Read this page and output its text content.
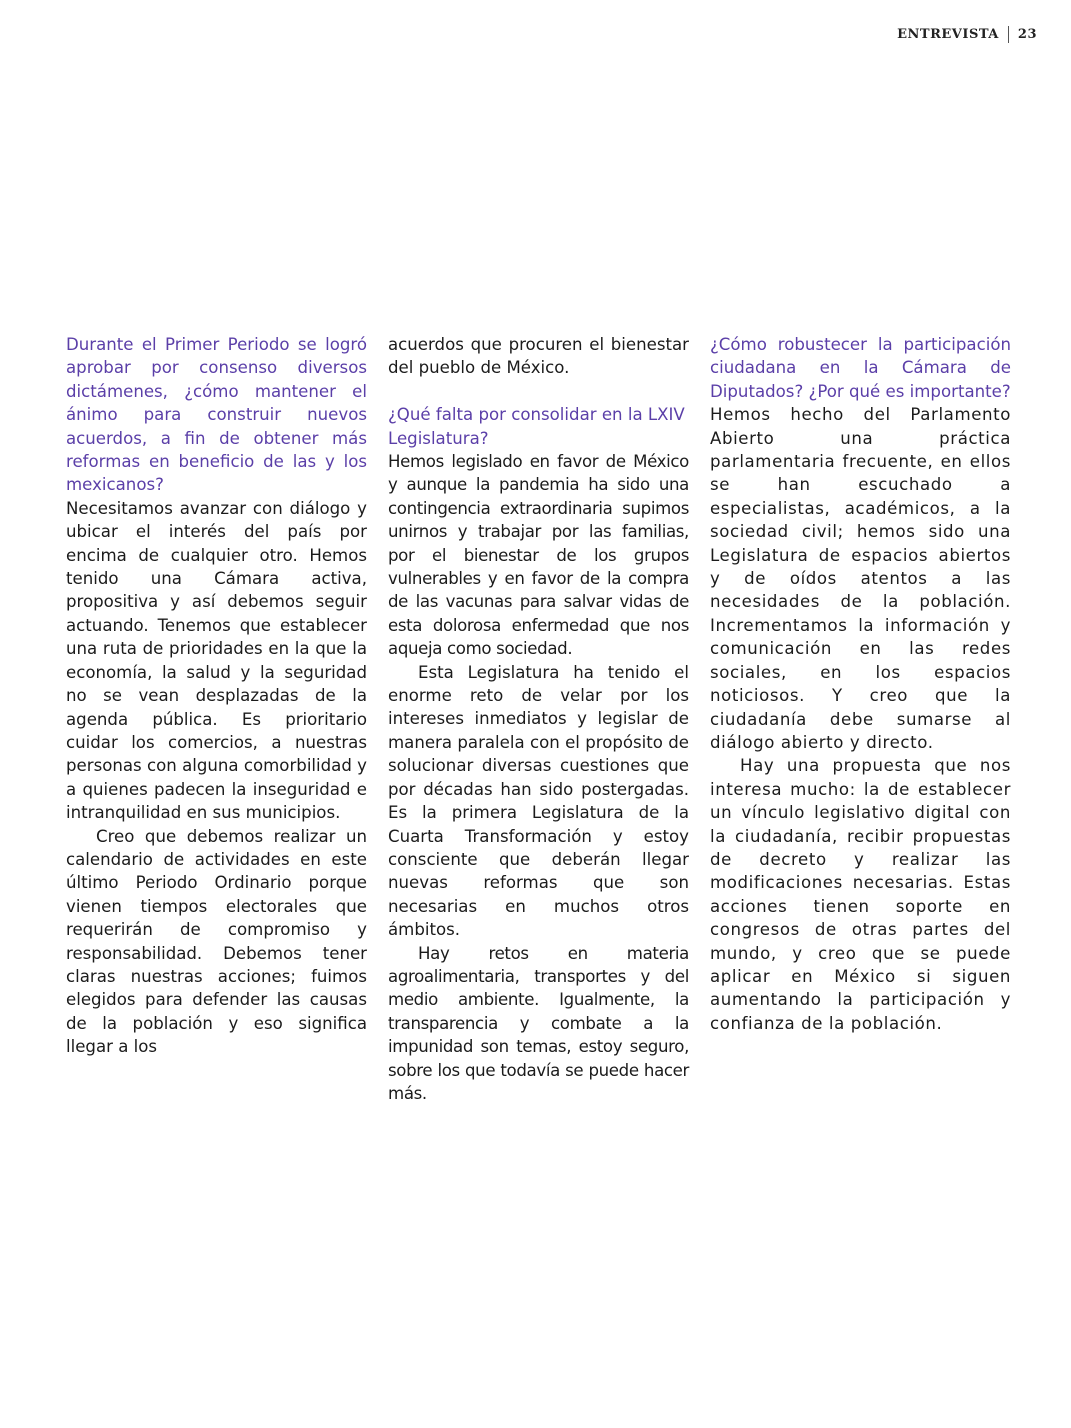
ENTREVISTA 23

Durante el Primer Periodo se logró aprobar por consenso diversos dictámenes, ¿cómo mantener el ánimo para construir nuevos acuerdos, a fin de obtener más reformas en beneficio de las y los mexicanos?

Necesitamos avanzar con diálogo y ubicar el interés del país por encima de cualquier otro. Hemos tenido una Cámara activa, propositiva y así debemos seguir actuando. Tenemos que establecer una ruta de prioridades en la que la economía, la salud y la seguridad no se vean desplazadas de la agenda pública. Es prioritario cuidar los comercios, a nuestras personas con alguna comorbilidad y a quienes padecen la inseguridad e intranquilidad en sus municipios.

Creo que debemos realizar un calendario de actividades en este último Periodo Ordinario porque vienen tiempos electorales que requerirán de compromiso y responsabilidad. Debemos tener claras nuestras acciones; fuimos elegidos para defender las causas de la población y eso significa llegar a los

acuerdos que procuren el bienestar del pueblo de México.

¿Qué falta por consolidar en la LXIV Legislatura?

Hemos legislado en favor de México y aunque la pandemia ha sido una contingencia extraordinaria supimos unirnos y trabajar por las familias, por el bienestar de los grupos vulnerables y en favor de la compra de las vacunas para salvar vidas de esta dolorosa enfermedad que nos aqueja como sociedad.

Esta Legislatura ha tenido el enorme reto de velar por los intereses inmediatos y legislar de manera paralela con el propósito de solucionar diversas cuestiones que por décadas han sido postergadas. Es la primera Legislatura de la Cuarta Transformación y estoy consciente que deberán llegar nuevas reformas que son necesarias en muchos otros ámbitos.

Hay retos en materia agroalimentaria, transportes y del medio ambiente. Igualmente, la transparencia y combate a la impunidad son temas, estoy seguro, sobre los que todavía se puede hacer más.

¿Cómo robustecer la participación ciudadana en la Cámara de Diputados? ¿Por qué es importante?

Hemos hecho del Parlamento Abierto una práctica parlamentaria frecuente, en ellos se han escuchado a especialistas, académicos, a la sociedad civil; hemos sido una Legislatura de espacios abiertos y de oídos atentos a las necesidades de la población. Incrementamos la información y comunicación en las redes sociales, en los espacios noticiosos. Y creo que la ciudadanía debe sumarse al diálogo abierto y directo.

Hay una propuesta que nos interesa mucho: la de establecer un vínculo legislativo digital con la ciudadanía, recibir propuestas de decreto y realizar las modificaciones necesarias. Estas acciones tienen soporte en congresos de otras partes del mundo, y creo que se puede aplicar en México si siguen aumentando la participación y confianza de la población.
